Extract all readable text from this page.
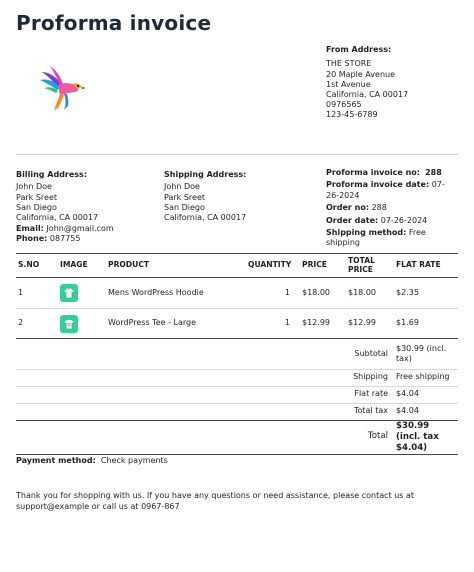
Proforma invoice
From Address:
THE STORE
20 Maple Avenue
1st Avenue
California, CA 00017
0976565
123-45-6789
Billing Address:
John Doe
Park Sreet
San Diego
California, CA 00017
Email: John@gmail.com
Phone: 087755
Shipping Address:
John Doe
Park Sreet
San Diego
California, CA 00017
Proforma invoice no: 288
Proforma invoice date: 07-26-2024
Order no: 288
Order date: 07-26-2024
Shipping method: Free shipping
S.NO	IMAGE	PRODUCT	QUANTITY	PRICE	TOTAL PRICE	FLAT RATE
1		Mens WordPress Hoodie	1	$18.00	$18.00	$2.35
2		WordPress Tee - Large	1	$12.99	$12.99	$1.69
Subtotal	$30.99 (incl. tax)
Shipping	Free shipping
Flat rate	$4.04
Total tax	$4.04
Total	$30.99 (incl. tax $4.04)
Payment method: Check payments
Thank you for shopping with us. If you have any questions or need assistance, please contact us at support@example or call us at 0967-867
